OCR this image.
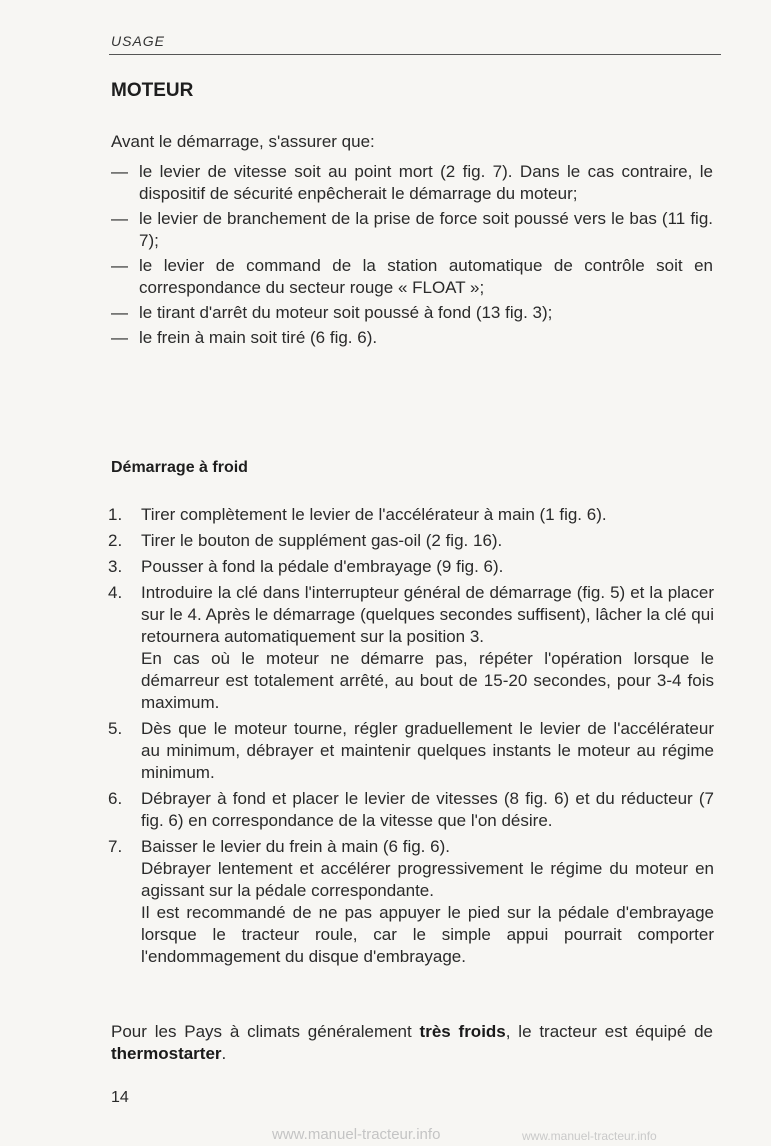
USAGE
MOTEUR
Avant le démarrage, s'assurer que:
— le levier de vitesse soit au point mort (2 fig. 7). Dans le cas contraire, le dispositif de sécurité enpêcherait le démarrage du moteur;
— le levier de branchement de la prise de force soit poussé vers le bas (11 fig. 7);
— le levier de command de la station automatique de contrôle soit en correspondance du secteur rouge « FLOAT »;
— le tirant d'arrêt du moteur soit poussé à fond (13 fig. 3);
— le frein à main soit tiré (6 fig. 6).
Démarrage à froid
1. Tirer complètement le levier de l'accélérateur à main (1 fig. 6).

2. Tirer le bouton de supplément gas-oil (2 fig. 16).

3. Pousser à fond la pédale d'embrayage (9 fig. 6).

4. Introduire la clé dans l'interrupteur général de démarrage (fig. 5) et la placer sur le 4. Après le démarrage (quelques secondes suffisent), lâcher la clé qui retournera automatiquement sur la position 3.

En cas où le moteur ne démarre pas, répéter l'opération lorsque le démarreur est totalement arrêté, au bout de 15-20 secondes, pour 3-4 fois maximum.

5. Dès que le moteur tourne, régler graduellement le levier de l'accélérateur au minimum, débrayer et maintenir quelques instants le moteur au régime minimum.

6. Débrayer à fond et placer le levier de vitesses (8 fig. 6) et du réducteur (7 fig. 6) en correspondance de la vitesse que l'on désire.

7. Baisser le levier du frein à main (6 fig. 6).

Débrayer lentement et accélérer progressivement le régime du moteur en agissant sur la pédale correspondante.

Il est recommandé de ne pas appuyer le pied sur la pédale d'embrayage lorsque le tracteur roule, car le simple appui pourrait comporter l'endommagement du disque d'embrayage.

Pour les Pays à climats généralement très froids, le tracteur est équipé de thermostarter.
14
www.manuel-tracteur.info	www.manuel-tracteur.info
